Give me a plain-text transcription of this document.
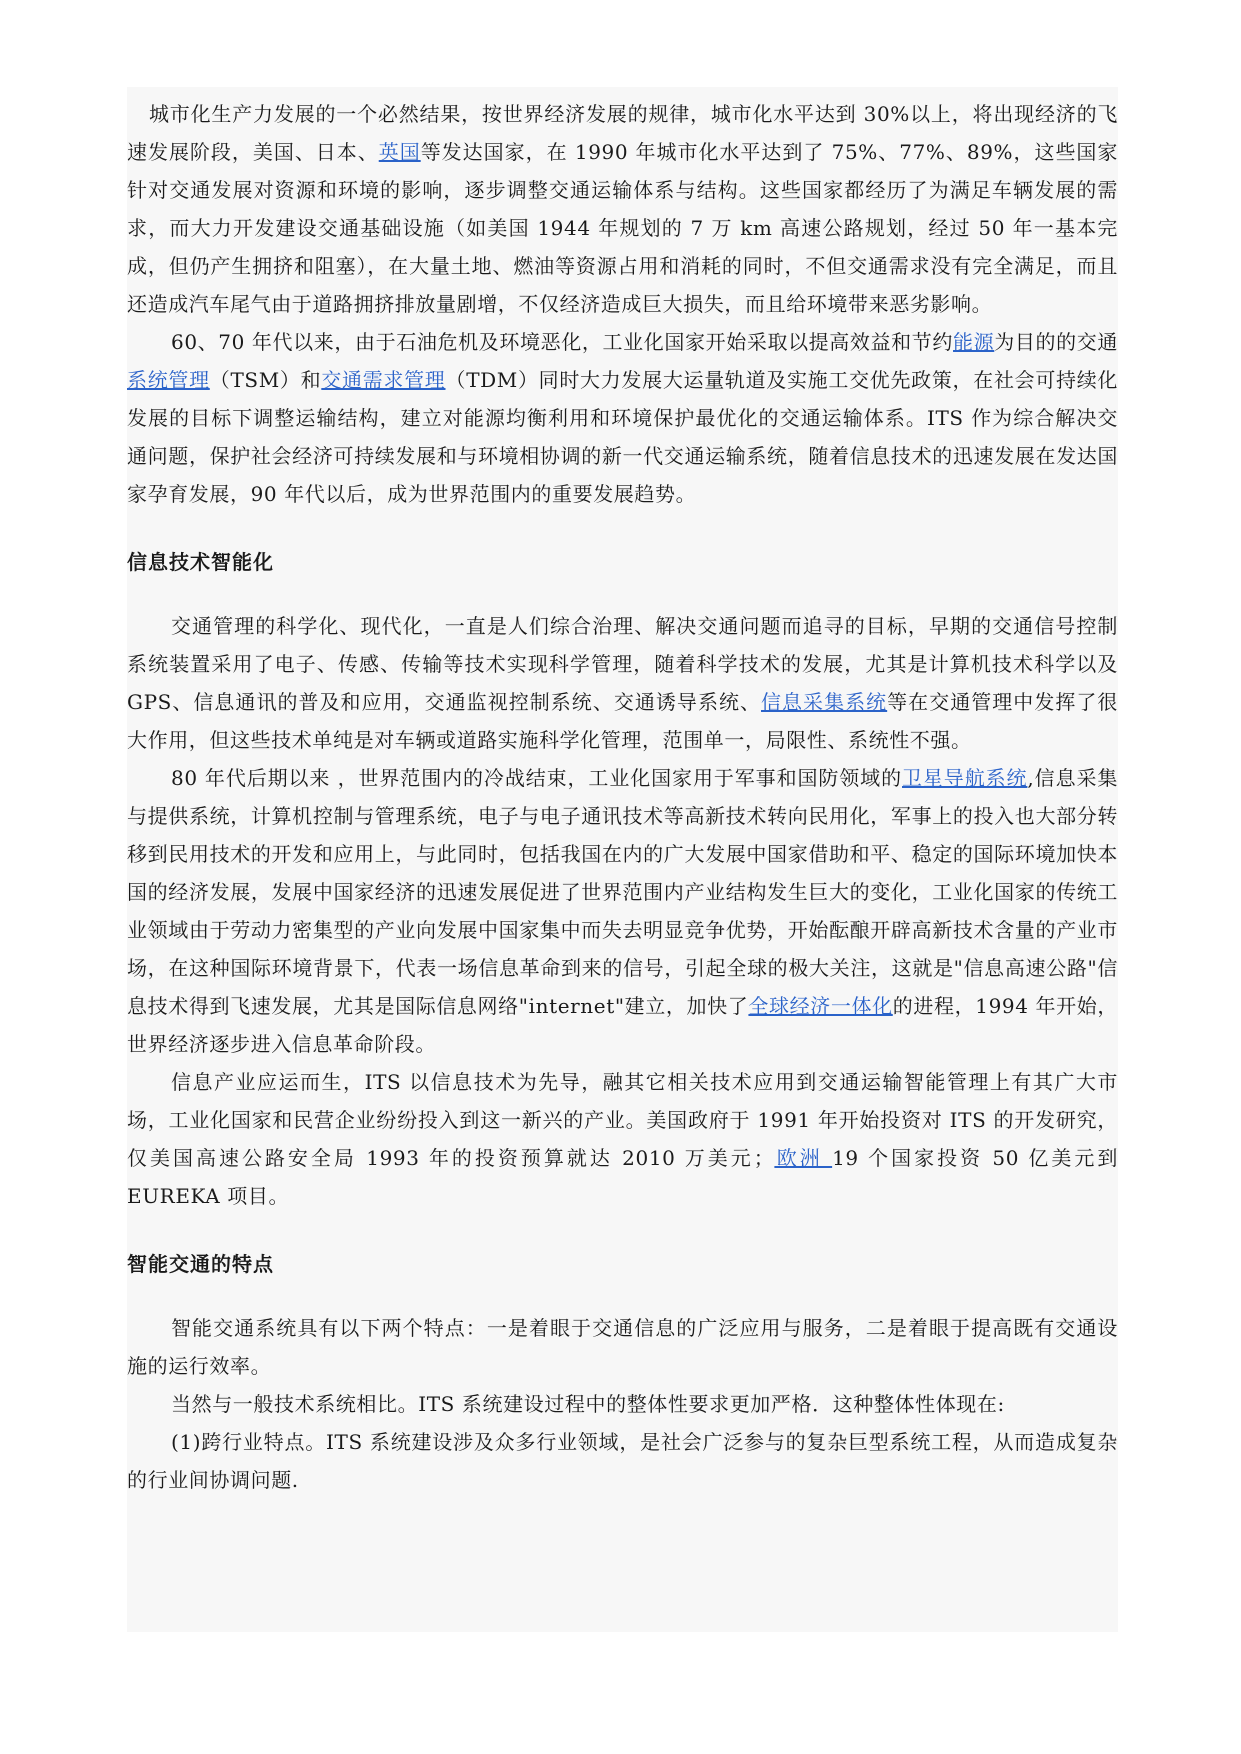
城市化生产力发展的一个必然结果，按世界经济发展的规律，城市化水平达到 30%以上，将出现经济的飞速发展阶段，美国、日本、英国等发达国家，在 1990 年城市化水平达到了 75%、77%、89%，这些国家针对交通发展对资源和环境的影响，逐步调整交通运输体系与结构。这些国家都经历了为满足车辆发展的需求，而大力开发建设交通基础设施（如美国 1944 年规划的 7 万 km 高速公路规划，经过 50 年一基本完成，但仍产生拥挤和阻塞），在大量土地、燃油等资源占用和消耗的同时，不但交通需求没有完全满足，而且还造成汽车尾气由于道路拥挤排放量剧增，不仅经济造成巨大损失，而且给环境带来恶劣影响。

60、70 年代以来，由于石油危机及环境恶化，工业化国家开始采取以提高效益和节约能源为目的的交通系统管理（TSM）和交通需求管理（TDM）同时大力发展大运量轨道及实施工交优先政策，在社会可持续化发展的目标下调整运输结构，建立对能源均衡利用和环境保护最优化的交通运输体系。ITS 作为综合解决交通问题，保护社会经济可持续发展和与环境相协调的新一代交通运输系统，随着信息技术的迅速发展在发达国家孕育发展，90 年代以后，成为世界范围内的重要发展趋势。

信息技术智能化

交通管理的科学化、现代化，一直是人们综合治理、解决交通问题而追寻的目标，早期的交通信号控制系统装置采用了电子、传感、传输等技术实现科学管理，随着科学技术的发展，尤其是计算机技术科学以及 GPS、信息通讯的普及和应用，交通监视控制系统、交通诱导系统、信息采集系统等在交通管理中发挥了很大作用，但这些技术单纯是对车辆或道路实施科学化管理，范围单一，局限性、系统性不强。

80 年代后期以来 ，世界范围内的冷战结束，工业化国家用于军事和国防领域的卫星导航系统,信息采集与提供系统，计算机控制与管理系统，电子与电子通讯技术等高新技术转向民用化，军事上的投入也大部分转移到民用技术的开发和应用上，与此同时，包括我国在内的广大发展中国家借助和平、稳定的国际环境加快本国的经济发展，发展中国家经济的迅速发展促进了世界范围内产业结构发生巨大的变化，工业化国家的传统工业领域由于劳动力密集型的产业向发展中国家集中而失去明显竞争优势，开始酝酿开辟高新技术含量的产业市场，在这种国际环境背景下，代表一场信息革命到来的信号，引起全球的极大关注，这就是"信息高速公路"信息技术得到飞速发展，尤其是国际信息网络"internet"建立，加快了全球经济一体化的进程，1994 年开始，世界经济逐步进入信息革命阶段。

信息产业应运而生，ITS 以信息技术为先导，融其它相关技术应用到交通运输智能管理上有其广大市场，工业化国家和民营企业纷纷投入到这一新兴的产业。美国政府于 1991 年开始投资对 ITS 的开发研究，仅美国高速公路安全局 1993 年的投资预算就达 2010 万美元；欧洲 19 个国家投资 50 亿美元到 EUREKA 项目。

智能交通的特点

智能交通系统具有以下两个特点：一是着眼于交通信息的广泛应用与服务，二是着眼于提高既有交通设施的运行效率。

当然与一般技术系统相比。ITS 系统建设过程中的整体性要求更加严格．这种整体性体现在:

(1)跨行业特点。ITS 系统建设涉及众多行业领域，是社会广泛参与的复杂巨型系统工程，从而造成复杂的行业间协调问题.
